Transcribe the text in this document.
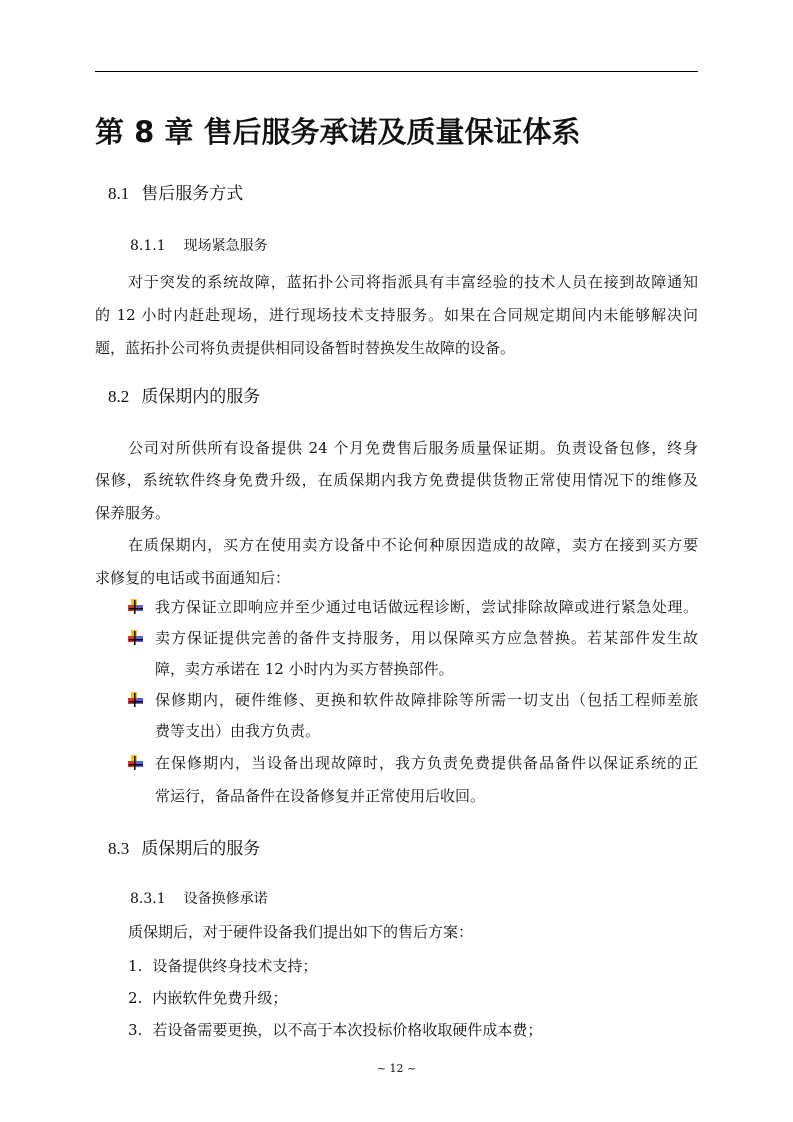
第 8 章 售后服务承诺及质量保证体系
8.1 售后服务方式
8.1.1 现场紧急服务
对于突发的系统故障，蓝拓扑公司将指派具有丰富经验的技术人员在接到故障通知
的 12 小时内赶赴现场，进行现场技术支持服务。如果在合同规定期间内未能够解决问
题，蓝拓扑公司将负责提供相同设备暂时替换发生故障的设备。
8.2 质保期内的服务
公司对所供所有设备提供 24 个月免费售后服务质量保证期。负责设备包修，终身
保修，系统软件终身免费升级，在质保期内我方免费提供货物正常使用情况下的维修及
保养服务。
在质保期内，买方在使用卖方设备中不论何种原因造成的故障，卖方在接到买方要
求修复的电话或书面通知后：
我方保证立即响应并至少通过电话做远程诊断，尝试排除故障或进行紧急处理。
卖方保证提供完善的备件支持服务，用以保障买方应急替换。若某部件发生故
障，卖方承诺在 12 小时内为买方替换部件。
保修期内，硬件维修、更换和软件故障排除等所需一切支出（包括工程师差旅
费等支出）由我方负责。
在保修期内，当设备出现故障时，我方负责免费提供备品备件以保证系统的正
常运行，备品备件在设备修复并正常使用后收回。
8.3 质保期后的服务
8.3.1 设备换修承诺
质保期后，对于硬件设备我们提出如下的售后方案：
1. 设备提供终身技术支持；
2. 内嵌软件免费升级；
3. 若设备需要更换，以不高于本次投标价格收取硬件成本费；
~ 12 ~
